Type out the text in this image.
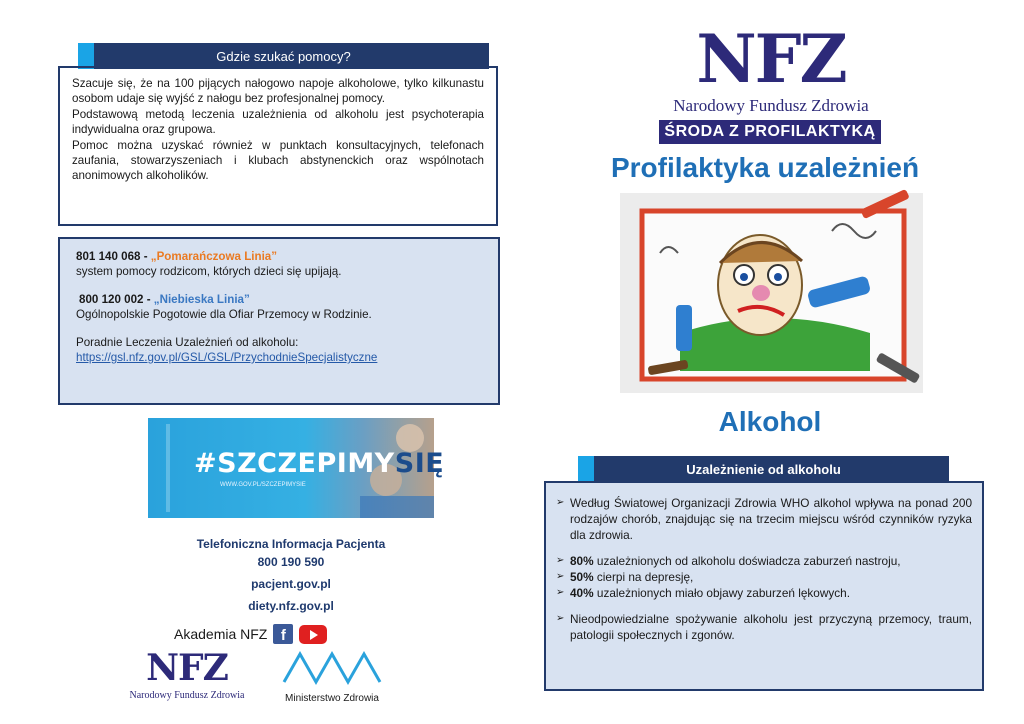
Gdzie szukać pomocy?

Szacuje się, że na 100 pijących nałogowo napoje alkoholowe, tylko kilkunastu osobom udaje się wyjść z nałogu bez profesjonalnej pomocy.

Podstawową metodą leczenia uzależnienia od alkoholu jest psychoterapia indywidualna oraz grupowa.

Pomoc można uzyskać również w punktach konsultacyjnych, telefonach zaufania, stowarzyszeniach i klubach abstynenckich oraz wspólnotach anonimowych alkoholików.

801 140 068 - „Pomarańczowa Linia”
system pomocy rodzicom, których dzieci się upijają.
800 120 002 - „Niebieska Linia”
Ogólnopolskie Pogotowie dla Ofiar Przemocy w Rodzinie.
Poradnie Leczenia Uzależnień od alkoholu:
https://gsl.nfz.gov.pl/GSL/GSL/PrzychodnieSpecjalistyczne
#SZCZEPIMYSIĘ
WWW.GOV.PL/SZCZEPIMYSIE
Telefoniczna Informacja Pacjenta
800 190 590
pacjent.gov.pl
diety.nfz.gov.pl
Akademia NFZ f
NFZ
Narodowy Fundusz Zdrowia	Ministerstwo Zdrowia
NFZ
Narodowy Fundusz Zdrowia
ŚRODA Z PROFILAKTYKĄ
Profilaktyka uzależnień
Alkohol
Uzależnienie od alkoholu
➢ Według Światowej Organizacji Zdrowia WHO alkohol wpływa na ponad 200 rodzajów chorób, znajdując się na trzecim miejscu wśród czynników ryzyka dla zdrowia.
➢ 80% uzależnionych od alkoholu doświadcza zaburzeń nastroju,
➢ 50% cierpi na depresję,
➢ 40% uzależnionych miało objawy zaburzeń lękowych.
➢ Nieodpowiedzialne spożywanie alkoholu jest przyczyną przemocy, traum, patologii społecznych i zgonów.
